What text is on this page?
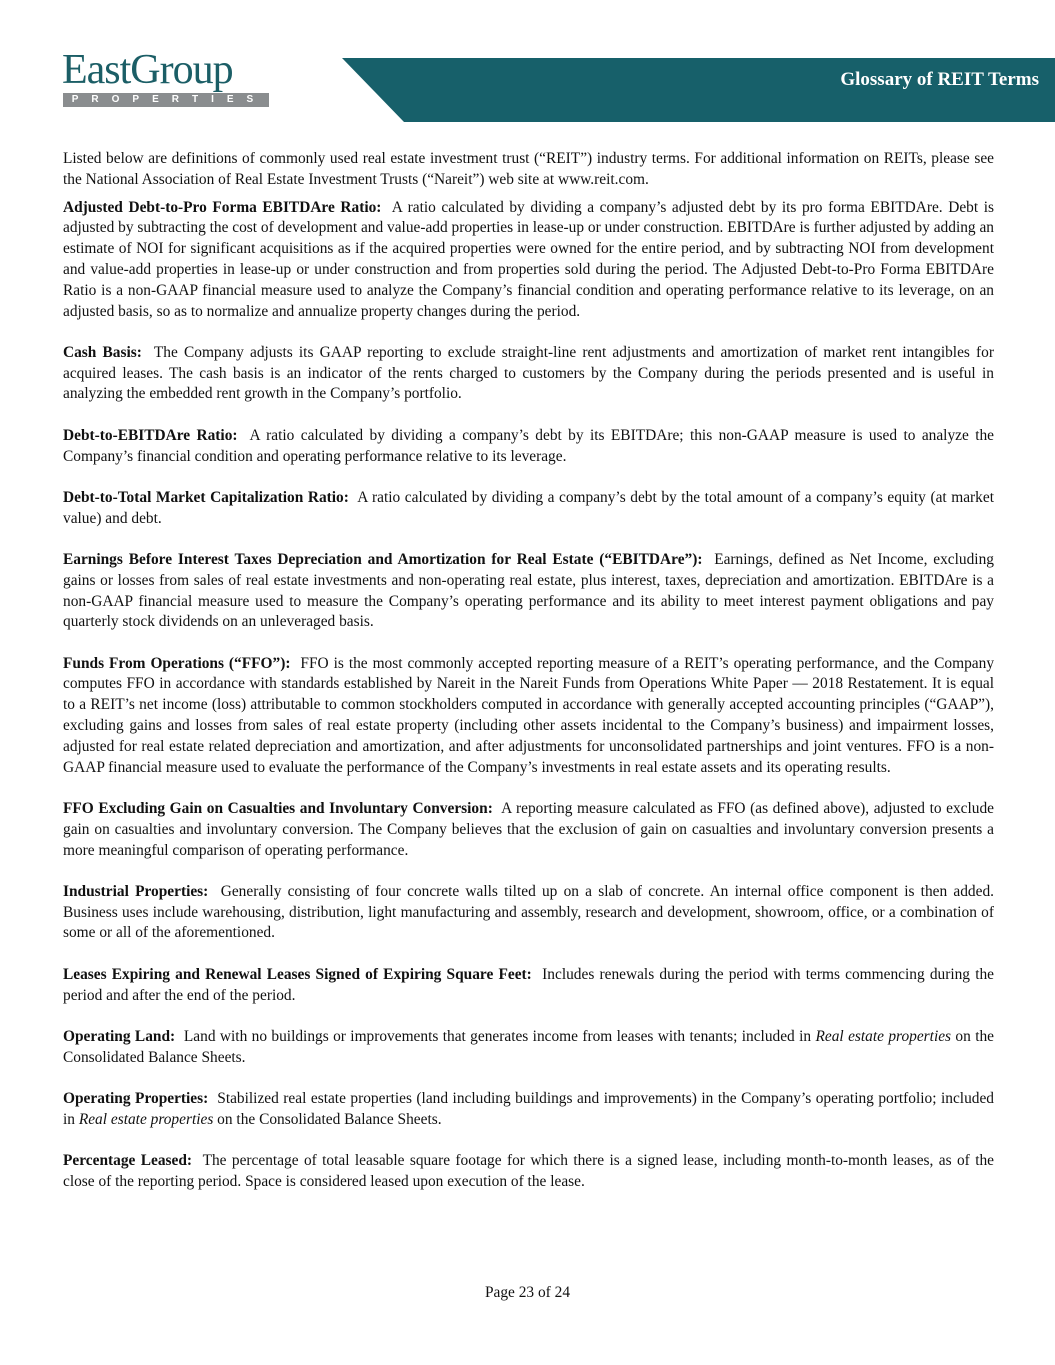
EastGroup
PROPERTIES
Glossary of REIT Terms

Listed below are definitions of commonly used real estate investment trust (“REIT”) industry terms. For additional information on REITs, please see the National Association of Real Estate Investment Trusts (“Nareit”) web site at www.reit.com.

Adjusted Debt-to-Pro Forma EBITDAre Ratio: A ratio calculated by dividing a company’s adjusted debt by its pro forma EBITDAre. Debt is adjusted by subtracting the cost of development and value-add properties in lease-up or under construction. EBITDAre is further adjusted by adding an estimate of NOI for significant acquisitions as if the acquired properties were owned for the entire period, and by subtracting NOI from development and value-add properties in lease-up or under construction and from properties sold during the period. The Adjusted Debt-to-Pro Forma EBITDAre Ratio is a non-GAAP financial measure used to analyze the Company’s financial condition and operating performance relative to its leverage, on an adjusted basis, so as to normalize and annualize property changes during the period.

Cash Basis: The Company adjusts its GAAP reporting to exclude straight-line rent adjustments and amortization of market rent intangibles for acquired leases. The cash basis is an indicator of the rents charged to customers by the Company during the periods presented and is useful in analyzing the embedded rent growth in the Company’s portfolio.

Debt-to-EBITDAre Ratio: A ratio calculated by dividing a company’s debt by its EBITDAre; this non-GAAP measure is used to analyze the Company’s financial condition and operating performance relative to its leverage.

Debt-to-Total Market Capitalization Ratio: A ratio calculated by dividing a company’s debt by the total amount of a company’s equity (at market value) and debt.

Earnings Before Interest Taxes Depreciation and Amortization for Real Estate (“EBITDAre”): Earnings, defined as Net Income, excluding gains or losses from sales of real estate investments and non-operating real estate, plus interest, taxes, depreciation and amortization. EBITDAre is a non-GAAP financial measure used to measure the Company’s operating performance and its ability to meet interest payment obligations and pay quarterly stock dividends on an unleveraged basis.

Funds From Operations (“FFO”): FFO is the most commonly accepted reporting measure of a REIT’s operating performance, and the Company computes FFO in accordance with standards established by Nareit in the Nareit Funds from Operations White Paper — 2018 Restatement. It is equal to a REIT’s net income (loss) attributable to common stockholders computed in accordance with generally accepted accounting principles (“GAAP”), excluding gains and losses from sales of real estate property (including other assets incidental to the Company’s business) and impairment losses, adjusted for real estate related depreciation and amortization, and after adjustments for unconsolidated partnerships and joint ventures. FFO is a non-GAAP financial measure used to evaluate the performance of the Company’s investments in real estate assets and its operating results.

FFO Excluding Gain on Casualties and Involuntary Conversion: A reporting measure calculated as FFO (as defined above), adjusted to exclude gain on casualties and involuntary conversion. The Company believes that the exclusion of gain on casualties and involuntary conversion presents a more meaningful comparison of operating performance.

Industrial Properties: Generally consisting of four concrete walls tilted up on a slab of concrete. An internal office component is then added. Business uses include warehousing, distribution, light manufacturing and assembly, research and development, showroom, office, or a combination of some or all of the aforementioned.

Leases Expiring and Renewal Leases Signed of Expiring Square Feet: Includes renewals during the period with terms commencing during the period and after the end of the period.

Operating Land: Land with no buildings or improvements that generates income from leases with tenants; included in Real estate properties on the Consolidated Balance Sheets.

Operating Properties: Stabilized real estate properties (land including buildings and improvements) in the Company’s operating portfolio; included in Real estate properties on the Consolidated Balance Sheets.

Percentage Leased: The percentage of total leasable square footage for which there is a signed lease, including month-to-month leases, as of the close of the reporting period. Space is considered leased upon execution of the lease.

Page 23 of 24
